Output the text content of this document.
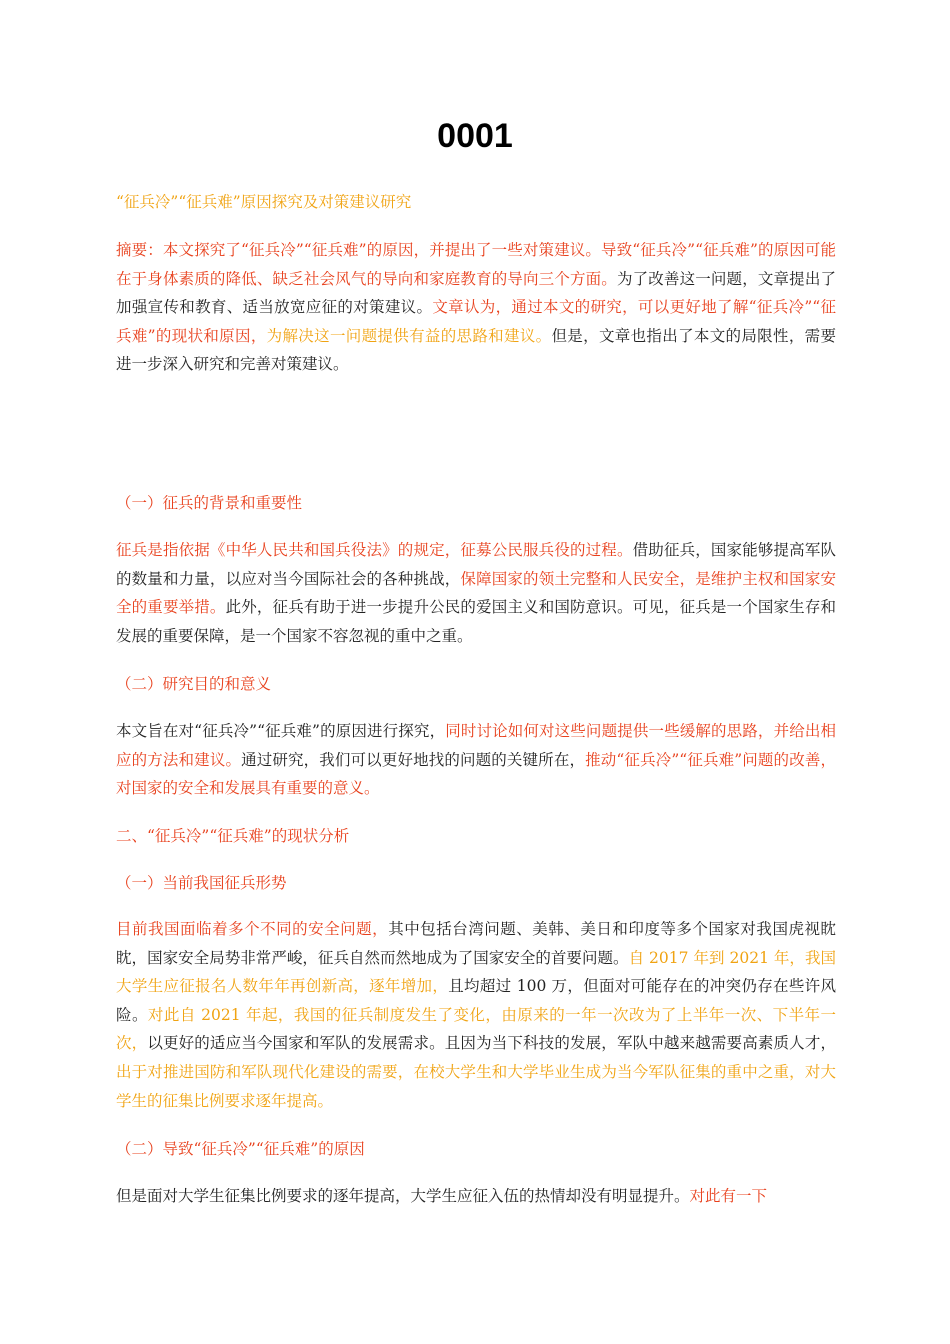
0001

“征兵冷”“征兵难”原因探究及对策建议研究

摘要：本文探究了“征兵冷”“征兵难”的原因，并提出了一些对策建议。导致“征兵冷”“征兵难”的原因可能在于身体素质的降低、缺乏社会风气的导向和家庭教育的导向三个方面。为了改善这一问题，文章提出了加强宣传和教育、适当放宽应征的对策建议。文章认为，通过本文的研究，可以更好地了解“征兵冷”“征兵难”的现状和原因，为解决这一问题提供有益的思路和建议。但是，文章也指出了本文的局限性，需要进一步深入研究和完善对策建议。

（一）征兵的背景和重要性

征兵是指依据《中华人民共和国兵役法》的规定，征募公民服兵役的过程。借助征兵，国家能够提高军队的数量和力量，以应对当今国际社会的各种挑战，保障国家的领土完整和人民安全，是维护主权和国家安全的重要举措。此外，征兵有助于进一步提升公民的爱国主义和国防意识。可见，征兵是一个国家生存和发展的重要保障，是一个国家不容忽视的重中之重。

（二）研究目的和意义

本文旨在对“征兵冷”“征兵难”的原因进行探究，同时讨论如何对这些问题提供一些缓解的思路，并给出相应的方法和建议。通过研究，我们可以更好地找的问题的关键所在，推动“征兵冷”“征兵难”问题的改善，对国家的安全和发展具有重要的意义。

二、“征兵冷”“征兵难”的现状分析

（一）当前我国征兵形势

目前我国面临着多个不同的安全问题，其中包括台湾问题、美韩、美日和印度等多个国家对我国虎视眈眈，国家安全局势非常严峻，征兵自然而然地成为了国家安全的首要问题。自 2017 年到 2021 年，我国大学生应征报名人数年年再创新高，逐年增加，且均超过 100 万，但面对可能存在的冲突仍存在些许风险。对此自 2021 年起，我国的征兵制度发生了变化，由原来的一年一次改为了上半年一次、下半年一次，以更好的适应当今国家和军队的发展需求。且因为当下科技的发展，军队中越来越需要高素质人才，出于对推进国防和军队现代化建设的需要，在校大学生和大学毕业生成为当今军队征集的重中之重，对大学生的征集比例要求逐年提高。

（二）导致“征兵冷”“征兵难”的原因

但是面对大学生征集比例要求的逐年提高，大学生应征入伍的热情却没有明显提升。对此有一下
